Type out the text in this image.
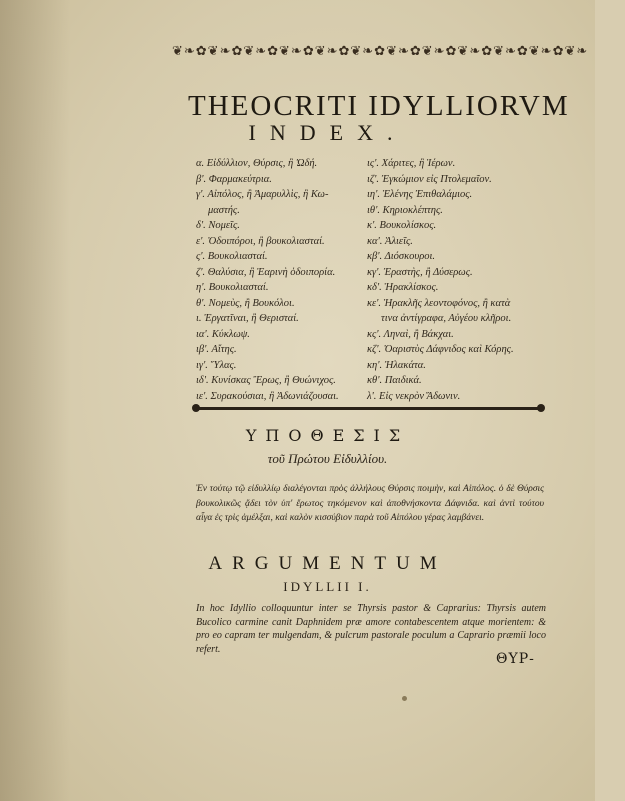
❦❧✿❦❧✿❦❧✿❦❧✿❦❧✿❦❧✿❦❧✿❦❧✿❦❧✿❦❧✿❦❧✿❦❧
THEOCRITI IDYLLIORVM
INDEX.
α. Εἰδύλλιον, Θύρσις, ἢ Ὠδή.
β'. Φαρμακεύτρια.
γ'. Αἰπόλος, ἢ Ἀμαρυλλὶς, ἢ Κω-
μαστής.
δ'. Νομεῖς.
ε'. Ὁδοιπόροι, ἢ βουκολιασταί.
ς'. Βουκολιασταί.
ζ'. Θαλύσια, ἢ Ἐαρινὴ ὁδοιπορία.
η'. Βουκολιασταί.
θ'. Νομεὺς, ἢ Βουκόλοι.
ι. Ἐργατῖναι, ἢ Θερισταί.
ια'. Κύκλωψ.
ιβ'. Αἴτης.
ιγ'. Ὕλας.
ιδ'. Κυνίσκας Ἔρως, ἢ Θυώνιχος.
ιε'. Συρακούσιαι, ἢ Ἀδωνιάζουσαι.
ις'. Χάριτες, ἢ Ἱέρων.
ιζ'. Ἐγκώμιον εἰς Πτολεμαῖον.
ιη'. Ἑλένης Ἐπιθαλάμιος.
ιθ'. Κηριοκλέπτης.
κ'. Βουκολίσκος.
κα'. Ἁλιεῖς.
κβ'. Διόσκουροι.
κγ'. Ἐραστὴς, ἢ Δύσερως.
κδ'. Ἡρακλίσκος.
κε'. Ἡρακλῆς λεοντοφόνος, ἢ κατὰ
τινα ἀντίγραφα, Αὐγέου κλῆροι.
κς'. Ληναὶ, ἢ Βάκχαι.
κζ'. Ὀαριστὺς Δάφνιδος καὶ Κόρης.
κη'. Ἠλακάτα.
κθ'. Παιδικά.
λ'. Εἰς νεκρὸν Ἄδωνιν.
ΥΠΟΘΕΣΙΣ
τοῦ Πρώτου Εἰδυλλίου.
Ἐν τούτῳ τῷ εἰδυλλίῳ διαλέγονται πρὸς ἀλλήλους Θύρσις ποιμὴν, καὶ Αἰπόλος. ὁ δὲ Θύρσις βουκολικῶς ᾄδει τὸν ὑπ' ἔρωτος τηκόμενον καὶ ἀποθνήσκοντα Δάφνιδα. καὶ ἀντὶ τούτου αἶγα ἐς τρὶς ἀμέλξαι, καὶ καλὸν κισσύβιον παρὰ τοῦ Αἰπόλου γέρας λαμβάνει.
ARGUMENTUM
IDYLLII I.
In hoc Idyllio colloquuntur inter se Thyrsis pastor & Caprarius: Thyrsis autem Bucolico carmine canit Daphnidem præ amore contabescentem atque morientem: & pro eo capram ter mulgendam, & pulcrum pastorale poculum a Caprario præmii loco refert.
ΘΥΡ-
